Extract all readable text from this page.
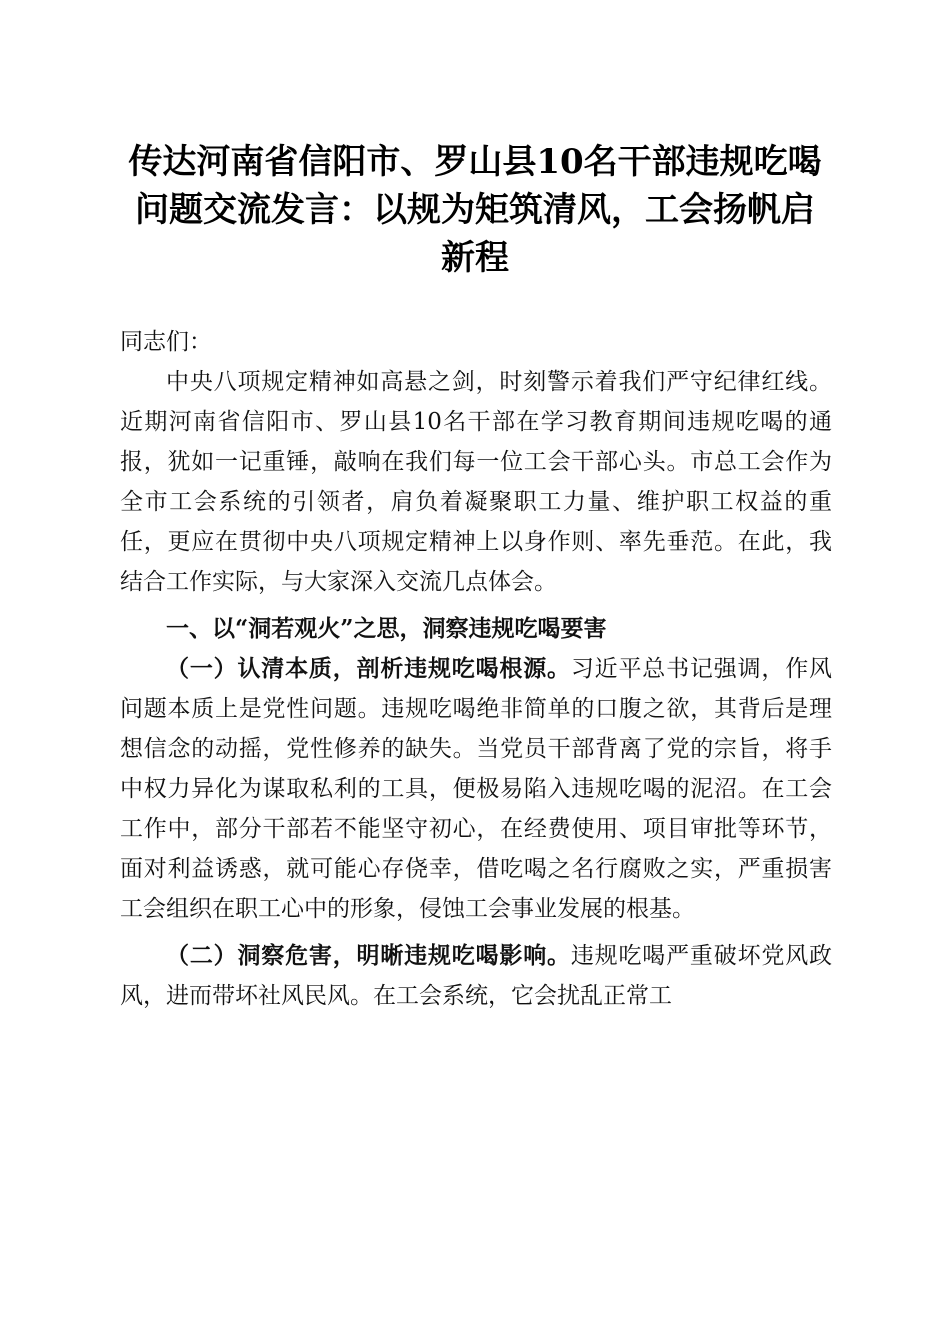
传达河南省信阳市、罗山县10名干部违规吃喝问题交流发言：以规为矩筑清风，工会扬帆启新程

同志们：

中央八项规定精神如高悬之剑，时刻警示着我们严守纪律红线。近期河南省信阳市、罗山县10名干部在学习教育期间违规吃喝的通报，犹如一记重锤，敲响在我们每一位工会干部心头。市总工会作为全市工会系统的引领者，肩负着凝聚职工力量、维护职工权益的重任，更应在贯彻中央八项规定精神上以身作则、率先垂范。在此，我结合工作实际，与大家深入交流几点体会。

一、以“洞若观火”之思，洞察违规吃喝要害

（一）认清本质，剖析违规吃喝根源。习近平总书记强调，作风问题本质上是党性问题。违规吃喝绝非简单的口腹之欲，其背后是理想信念的动摇，党性修养的缺失。当党员干部背离了党的宗旨，将手中权力异化为谋取私利的工具，便极易陷入违规吃喝的泥沼。在工会工作中，部分干部若不能坚守初心，在经费使用、项目审批等环节，面对利益诱惑，就可能心存侥幸，借吃喝之名行腐败之实，严重损害工会组织在职工心中的形象，侵蚀工会事业发展的根基。

（二）洞察危害，明晰违规吃喝影响。违规吃喝严重破坏党风政风，进而带坏社风民风。在工会系统，它会扰乱正常工
